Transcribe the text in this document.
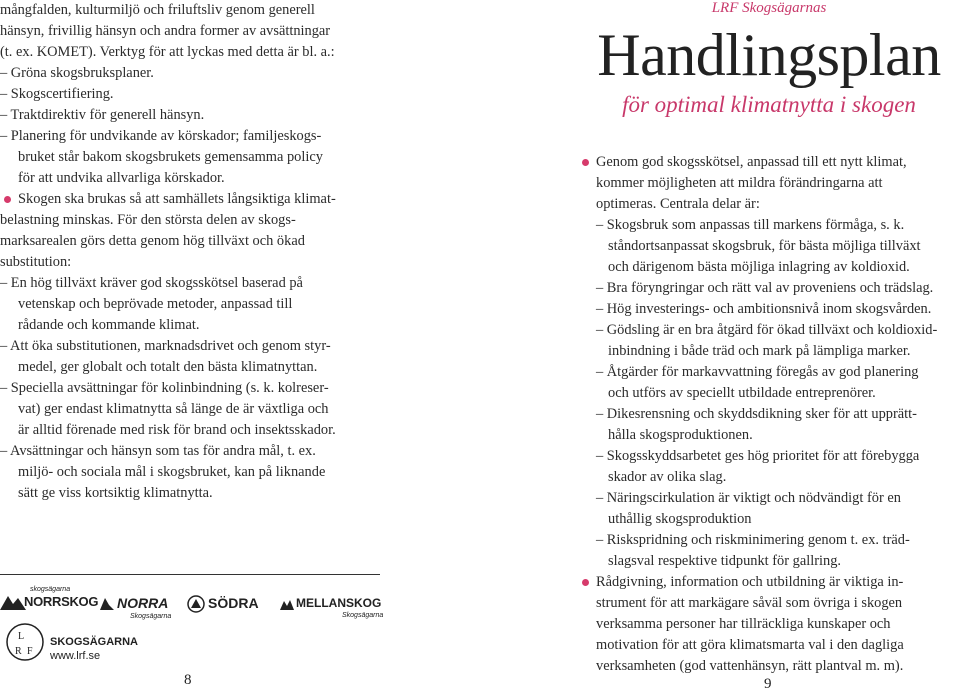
mångfalden, kulturmiljö och friluftsliv genom generell
hänsyn, frivillig hänsyn och andra former av avsättningar
(t. ex. KOMET). Verktyg för att lyckas med detta är bl. a.:
– Gröna skogsbruksplaner.
– Skogscertifiering.
– Traktdirektiv för generell hänsyn.
– Planering för undvikande av körskador; familjeskogs-
bruket står bakom skogsbrukets gemensamma policy
för att undvika allvarliga körskador.
Skogen ska brukas så att samhällets långsiktiga klimat-
belastning minskas. För den största delen av skogs-
marksarealen görs detta genom hög tillväxt och ökad
substitution:
– En hög tillväxt kräver god skogsskötsel baserad på
vetenskap och beprövade metoder, anpassad till
rådande och kommande klimat.
– Att öka substitutionen, marknadsdrivet och genom styr-
medel, ger globalt och totalt den bästa klimatnyttan.
– Speciella avsättningar för kolinbindning (s. k. kolreser-
vat) ger endast klimatnytta så länge de är växtliga och
är alltid förenade med risk för brand och insektsskador.
– Avsättningar och hänsyn som tas för andra mål, t. ex.
miljö- och sociala mål i skogsbruket, kan på liknande
sätt ge viss kortsiktig klimatnytta.
skogsägarna
NORRSKOG NORRA
Skogsägarna
SÖDRA	MELLANSKOG
Skogsägarna
L
R F
SKOGSÄGARNA
www.lrf.se
8
LRF Skogsägarnas
Handlingsplan
för optimal klimatnytta i skogen
Genom god skogsskötsel, anpassad till ett nytt klimat,
kommer möjligheten att mildra förändringarna att
optimeras. Centrala delar är:
– Skogsbruk som anpassas till markens förmåga, s. k.
ståndortsanpassat skogsbruk, för bästa möjliga tillväxt
och därigenom bästa möjliga inlagring av koldioxid.
– Bra föryngringar och rätt val av proveniens och trädslag.
– Hög investerings- och ambitionsnivå inom skogsvården.
– Gödsling är en bra åtgärd för ökad tillväxt och koldioxid-
inbindning i både träd och mark på lämpliga marker.
– Åtgärder för markavvattning föregås av god planering
och utförs av speciellt utbildade entreprenörer.
– Dikesrensning och skyddsdikning sker för att upprätt-
hålla skogsproduktionen.
– Skogsskyddsarbetet ges hög prioritet för att förebygga
skador av olika slag.
– Näringscirkulation är viktigt och nödvändigt för en
uthållig skogsproduktion
– Riskspridning och riskminimering genom t. ex. träd-
slagsval respektive tidpunkt för gallring.
Rådgivning, information och utbildning är viktiga in-
strument för att markägare såväl som övriga i skogen
verksamma personer har tillräckliga kunskaper och
motivation för att göra klimatsmarta val i den dagliga
verksamheten (god vattenhänsyn, rätt plantval m. m).
9
